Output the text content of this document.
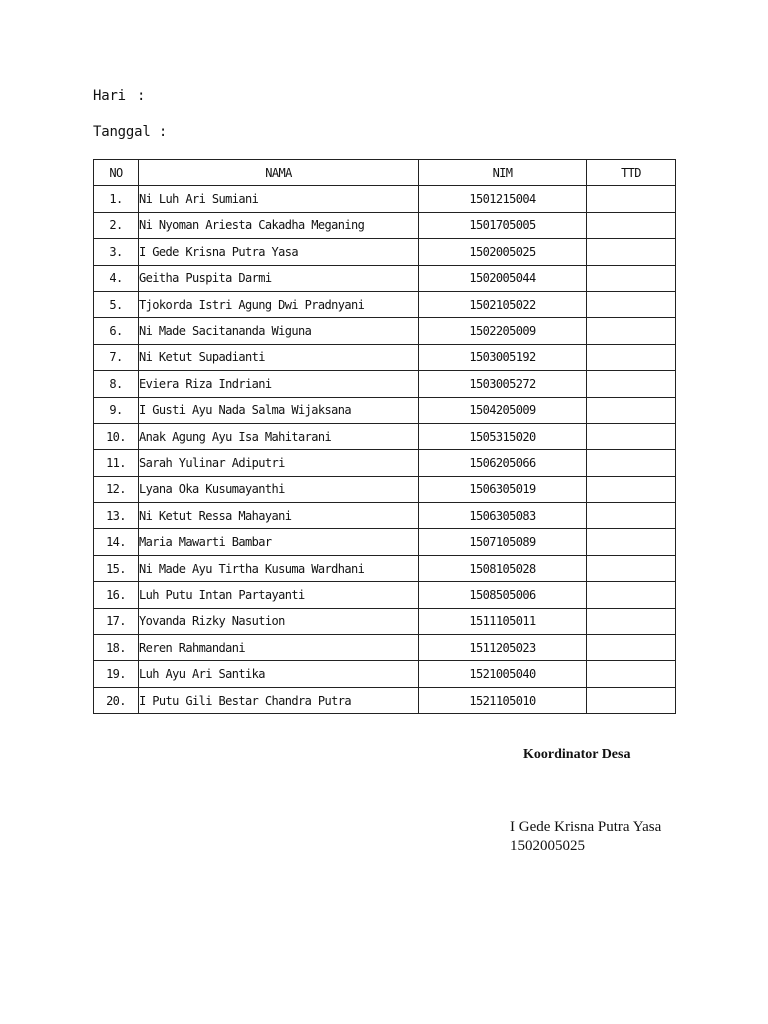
Hari :
Tanggal :
NO	NAMA	NIM	TTD
1.	Ni Luh Ari Sumiani	1501215004	
2.	Ni Nyoman Ariesta Cakadha Meganing	1501705005	
3.	I Gede Krisna Putra Yasa	1502005025	
4.	Geitha Puspita Darmi	1502005044	
5.	Tjokorda Istri Agung Dwi Pradnyani	1502105022	
6.	Ni Made Sacitananda Wiguna	1502205009	
7.	Ni Ketut Supadianti	1503005192	
8.	Eviera Riza Indriani	1503005272	
9.	I Gusti Ayu Nada Salma Wijaksana	1504205009	
10.	Anak Agung Ayu Isa Mahitarani	1505315020	
11.	Sarah Yulinar Adiputri	1506205066	
12.	Lyana Oka Kusumayanthi	1506305019	
13.	Ni Ketut Ressa Mahayani	1506305083	
14.	Maria Mawarti Bambar	1507105089	
15.	Ni Made Ayu Tirtha Kusuma Wardhani	1508105028	
16.	Luh Putu Intan Partayanti	1508505006	
17.	Yovanda Rizky Nasution	1511105011	
18.	Reren Rahmandani	1511205023	
19.	Luh Ayu Ari Santika	1521005040	
20.	I Putu Gili Bestar Chandra Putra	1521105010	
Koordinator Desa
I Gede Krisna Putra Yasa
1502005025
